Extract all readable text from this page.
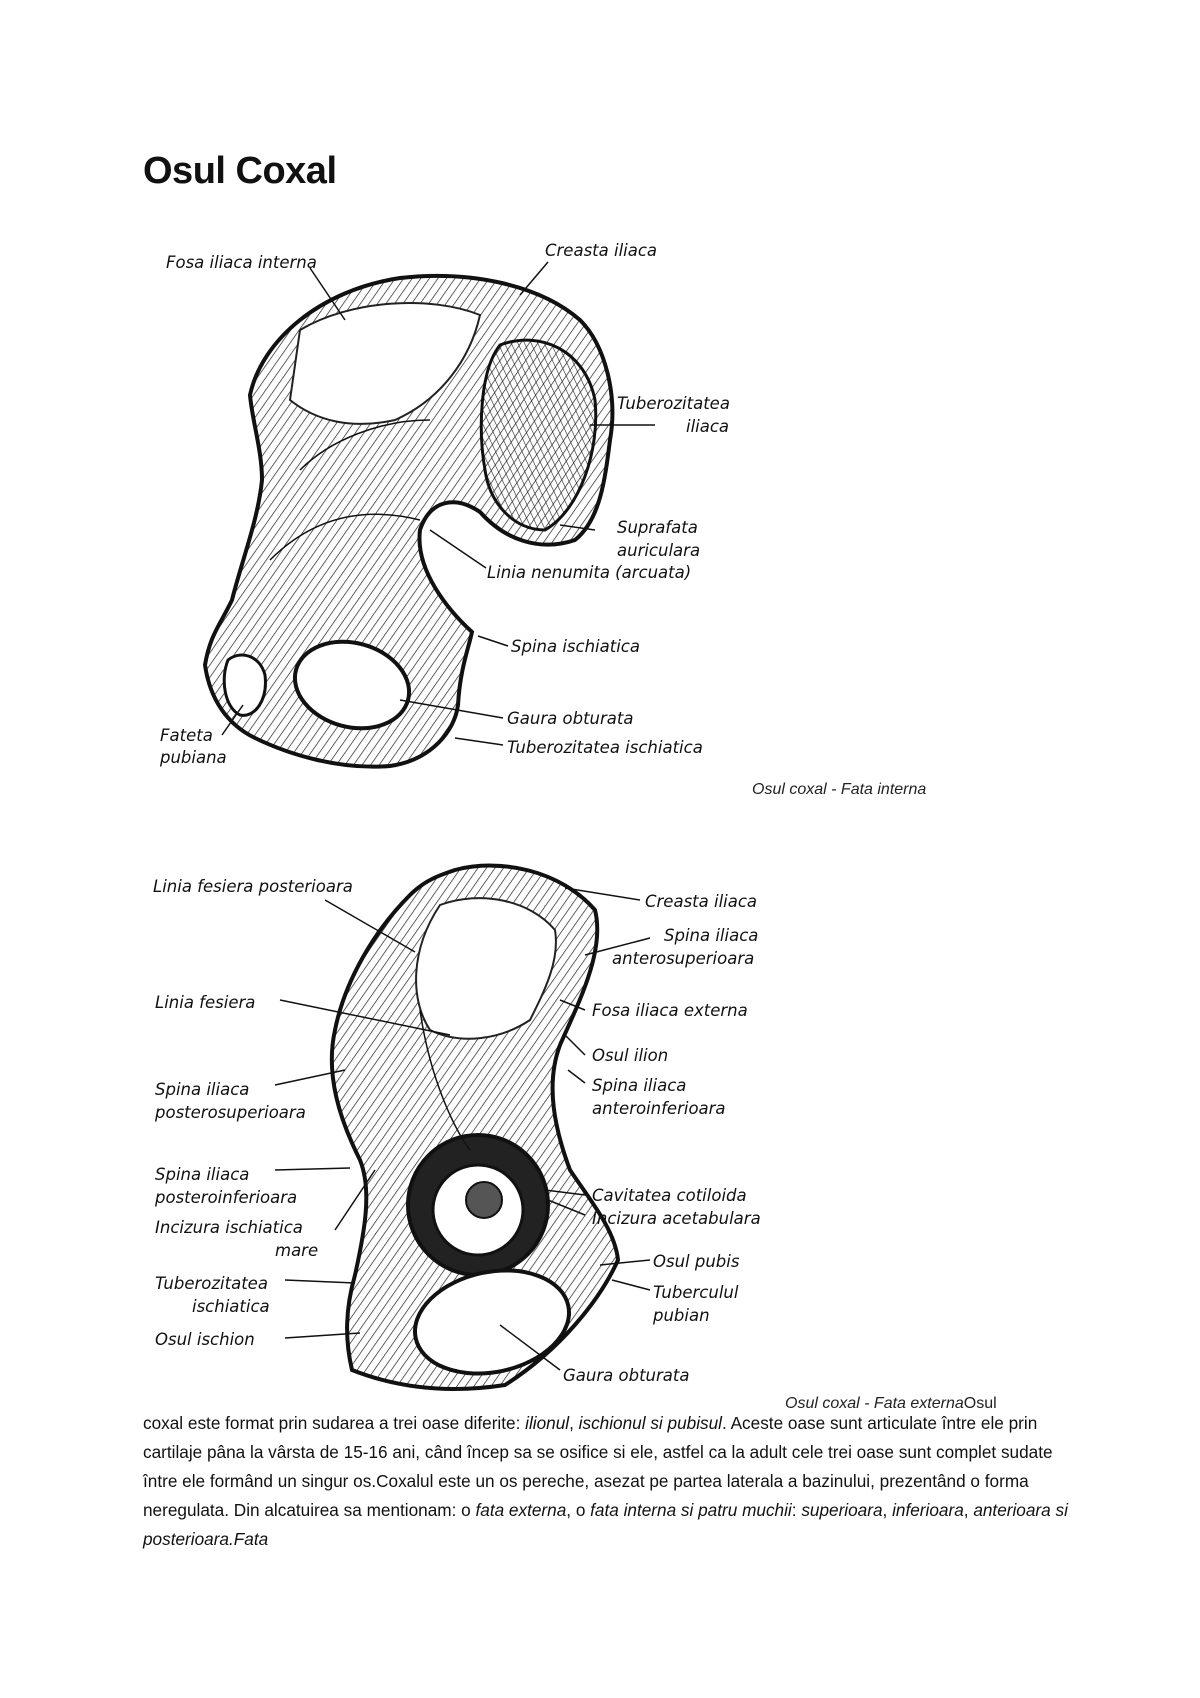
Osul Coxal
Fosa iliaca interna
Creasta iliaca
Tuberozitatea
iliaca
Suprafata
auriculara
Linia nenumita (arcuata)
Spina ischiatica
Gaura obturata
Tuberozitatea ischiatica
Fateta
pubiana
Linia fesiera posterioara
Creasta iliaca
Spina iliaca
anterosuperioara
Linia fesiera	Fosa iliaca externa
Osul ilion
Spina iliaca
posterosuperioara
Spina iliaca
anteroinferioara
Spina iliaca
posteroinferioara	Cavitatea cotiloida
Incizura acetabulara
Incizura ischiatica
mare
Osul pubis
Tuberozitatea
ischiatica
Tuberculul
pubian
Osul ischion
Gaura obturata
Osul coxal - Fata interna
Osul coxal - Fata externaOsul

coxal este format prin sudarea a trei oase diferite: ilionul, ischionul si pubisul. Aceste oase sunt articulate între ele prin cartilaje pâna la vârsta de 15-16 ani, când încep sa se osifice si ele, astfel ca la adult cele trei oase sunt complet sudate între ele formând un singur os.Coxalul este un os pereche, asezat pe partea laterala a bazinului, prezentând o forma neregulata. Din alcatuirea sa mentionam: o fata externa, o fata interna si patru muchii: superioara, inferioara, anterioara si posterioara.Fata
